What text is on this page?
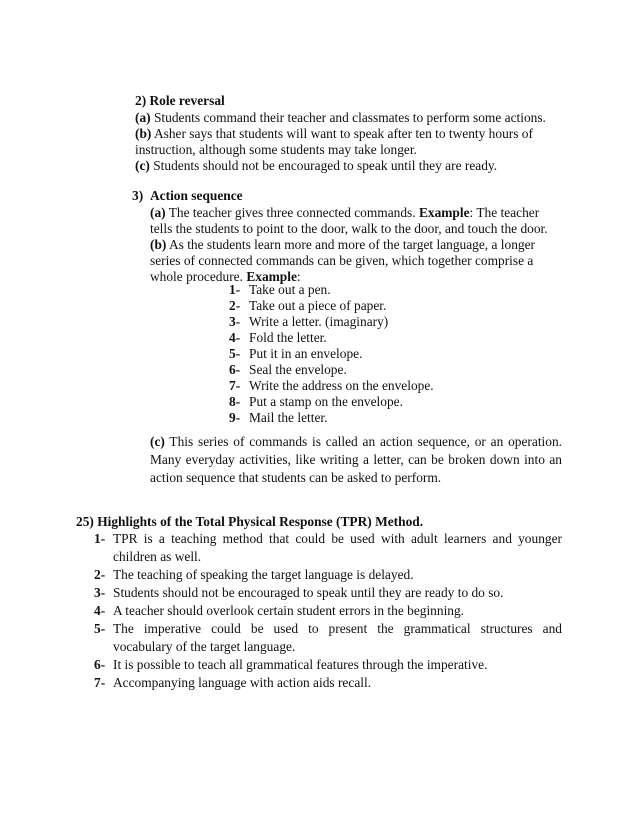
2) Role reversal
(a) Students command their teacher and classmates to perform some actions.
(b) Asher says that students will want to speak after ten to twenty hours of
instruction, although some students may take longer.
(c) Students should not be encouraged to speak until they are ready.
3) Action sequence
(a) The teacher gives three connected commands. Example: The teacher
tells the students to point to the door, walk to the door, and touch the door.
(b) As the students learn more and more of the target language, a longer
series of connected commands can be given, which together comprise a
whole procedure. Example:
1- Take out a pen.
2- Take out a piece of paper.
3- Write a letter. (imaginary)
4- Fold the letter.
5- Put it in an envelope.
6- Seal the envelope.
7- Write the address on the envelope.
8- Put a stamp on the envelope.
9- Mail the letter.
(c) This series of commands is called an action sequence, or an operation.
Many everyday activities, like writing a letter, can be broken down into an
action sequence that students can be asked to perform.
25) Highlights of the Total Physical Response (TPR) Method.
1- TPR is a teaching method that could be used with adult learners and younger
children as well.
2- The teaching of speaking the target language is delayed.
3- Students should not be encouraged to speak until they are ready to do so.
4- A teacher should overlook certain student errors in the beginning.
5- The imperative could be used to present the grammatical structures and
vocabulary of the target language.
6- It is possible to teach all grammatical features through the imperative.
7- Accompanying language with action aids recall.
